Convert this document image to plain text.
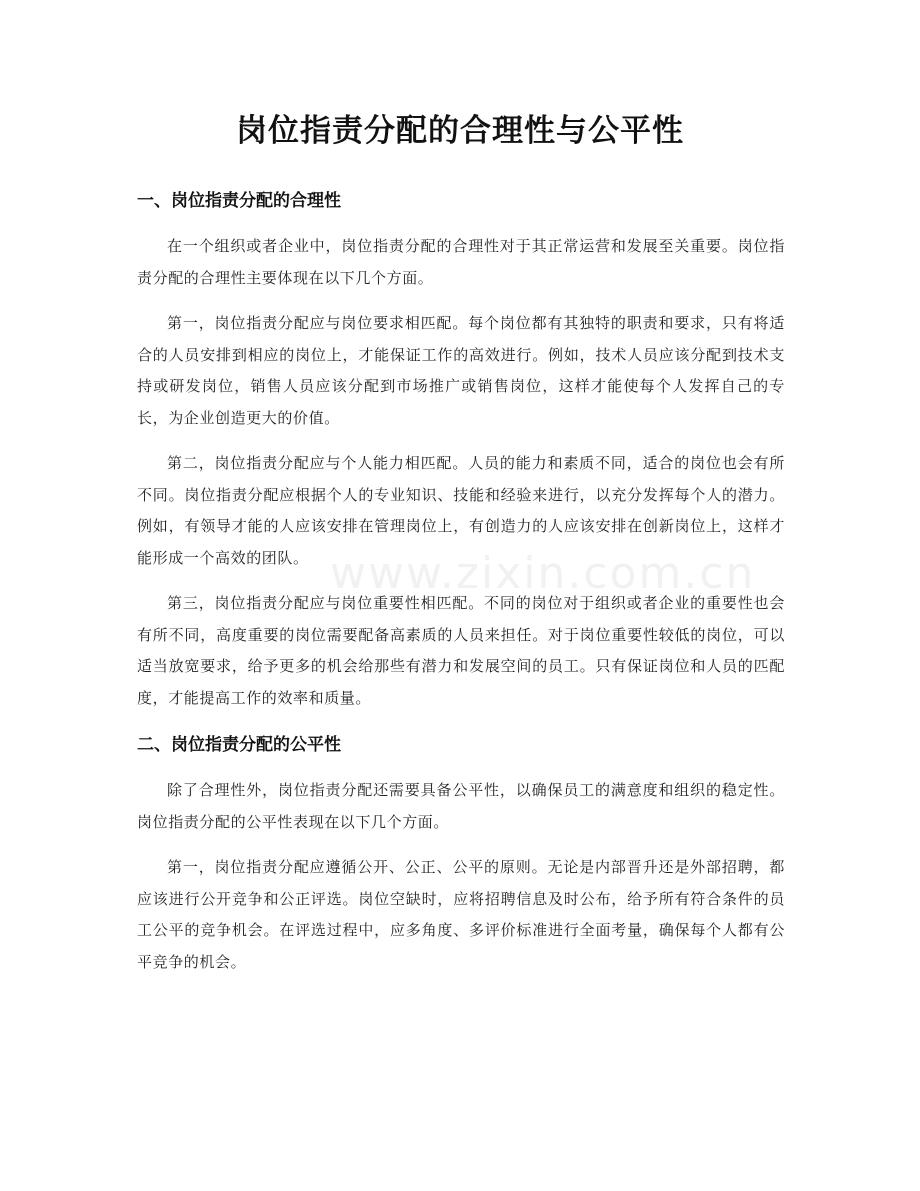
岗位指责分配的合理性与公平性
www.zixin.com.cn
一、岗位指责分配的合理性

在一个组织或者企业中，岗位指责分配的合理性对于其正常运营和发展至关重要。岗位指责分配的合理性主要体现在以下几个方面。

第一，岗位指责分配应与岗位要求相匹配。每个岗位都有其独特的职责和要求，只有将适合的人员安排到相应的岗位上，才能保证工作的高效进行。例如，技术人员应该分配到技术支持或研发岗位，销售人员应该分配到市场推广或销售岗位，这样才能使每个人发挥自己的专长，为企业创造更大的价值。

第二，岗位指责分配应与个人能力相匹配。人员的能力和素质不同，适合的岗位也会有所不同。岗位指责分配应根据个人的专业知识、技能和经验来进行，以充分发挥每个人的潜力。例如，有领导才能的人应该安排在管理岗位上，有创造力的人应该安排在创新岗位上，这样才能形成一个高效的团队。

第三，岗位指责分配应与岗位重要性相匹配。不同的岗位对于组织或者企业的重要性也会有所不同，高度重要的岗位需要配备高素质的人员来担任。对于岗位重要性较低的岗位，可以适当放宽要求，给予更多的机会给那些有潜力和发展空间的员工。只有保证岗位和人员的匹配度，才能提高工作的效率和质量。

二、岗位指责分配的公平性

除了合理性外，岗位指责分配还需要具备公平性，以确保员工的满意度和组织的稳定性。岗位指责分配的公平性表现在以下几个方面。

第一，岗位指责分配应遵循公开、公正、公平的原则。无论是内部晋升还是外部招聘，都应该进行公开竞争和公正评选。岗位空缺时，应将招聘信息及时公布，给予所有符合条件的员工公平的竞争机会。在评选过程中，应多角度、多评价标准进行全面考量，确保每个人都有公平竞争的机会。
